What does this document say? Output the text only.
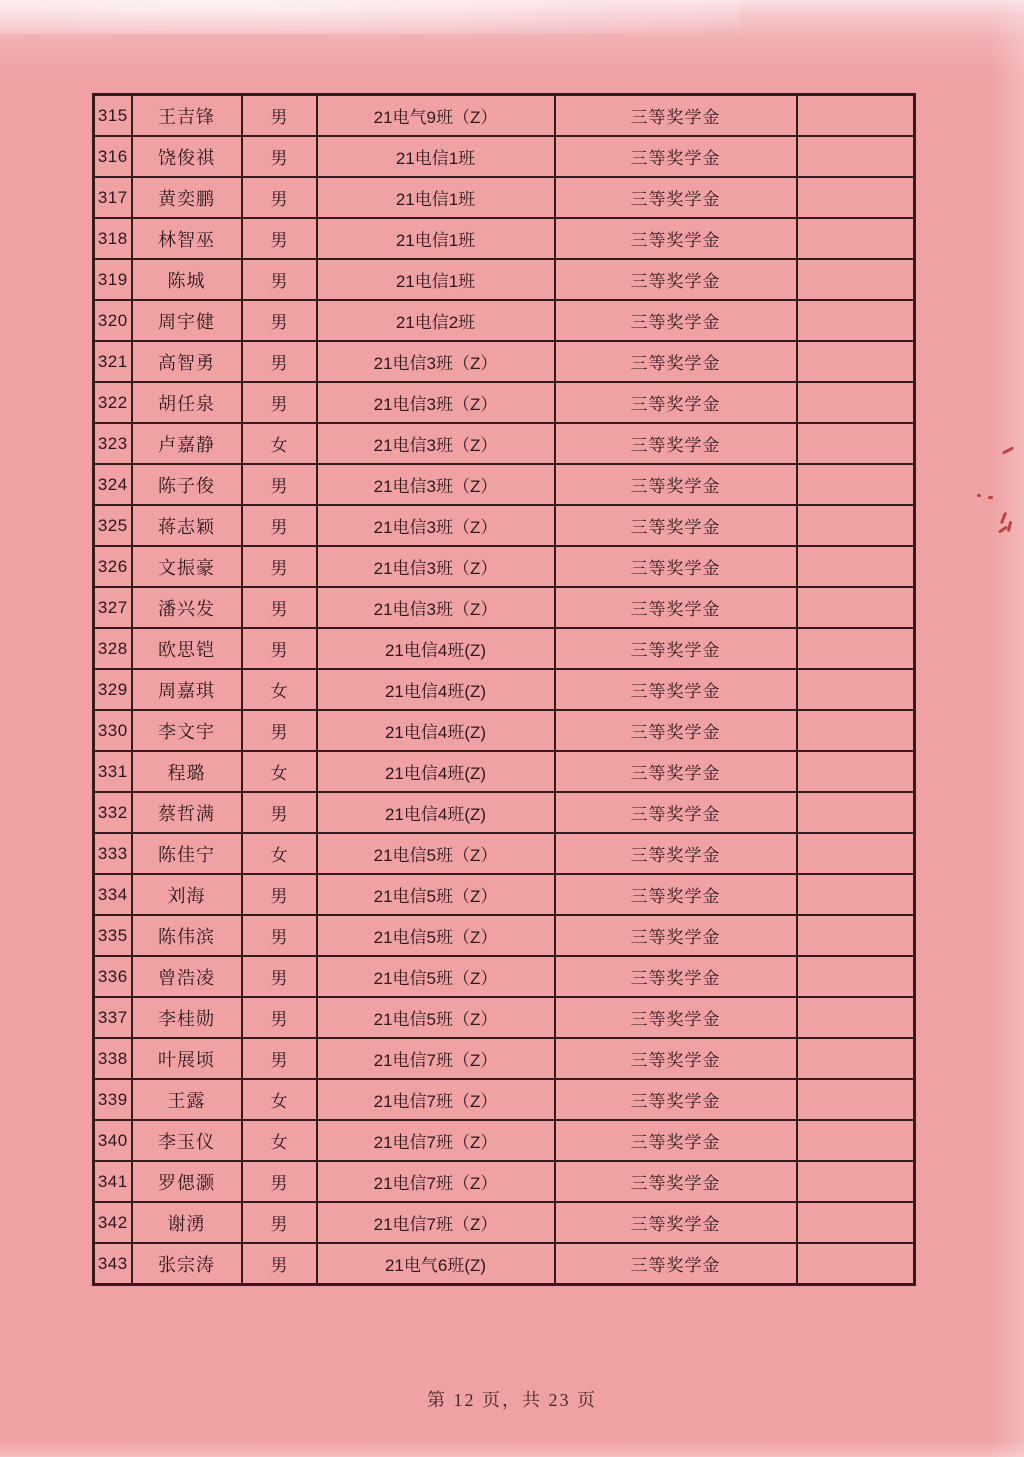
315	王吉锋	男	21电气9班（Z）	三等奖学金	
316	饶俊祺	男	21电信1班	三等奖学金	
317	黄奕鹏	男	21电信1班	三等奖学金	
318	林智巫	男	21电信1班	三等奖学金	
319	陈城	男	21电信1班	三等奖学金	
320	周宇健	男	21电信2班	三等奖学金	
321	高智勇	男	21电信3班（Z）	三等奖学金	
322	胡任泉	男	21电信3班（Z）	三等奖学金	
323	卢嘉静	女	21电信3班（Z）	三等奖学金	
324	陈子俊	男	21电信3班（Z）	三等奖学金	
325	蒋志颖	男	21电信3班（Z）	三等奖学金	
326	文振豪	男	21电信3班（Z）	三等奖学金	
327	潘兴发	男	21电信3班（Z）	三等奖学金	
328	欧思铠	男	21电信4班(Z)	三等奖学金	
329	周嘉琪	女	21电信4班(Z)	三等奖学金	
330	李文宇	男	21电信4班(Z)	三等奖学金	
331	程璐	女	21电信4班(Z)	三等奖学金	
332	蔡哲满	男	21电信4班(Z)	三等奖学金	
333	陈佳宁	女	21电信5班（Z）	三等奖学金	
334	刘海	男	21电信5班（Z）	三等奖学金	
335	陈伟滨	男	21电信5班（Z）	三等奖学金	
336	曾浩凌	男	21电信5班（Z）	三等奖学金	
337	李桂勋	男	21电信5班（Z）	三等奖学金	
338	叶展顷	男	21电信7班（Z）	三等奖学金	
339	王露	女	21电信7班（Z）	三等奖学金	
340	李玉仪	女	21电信7班（Z）	三等奖学金	
341	罗偲灏	男	21电信7班（Z）	三等奖学金	
342	谢湧	男	21电信7班（Z）	三等奖学金	
343	张宗涛	男	21电气6班(Z)	三等奖学金	
第 12 页，共 23 页
